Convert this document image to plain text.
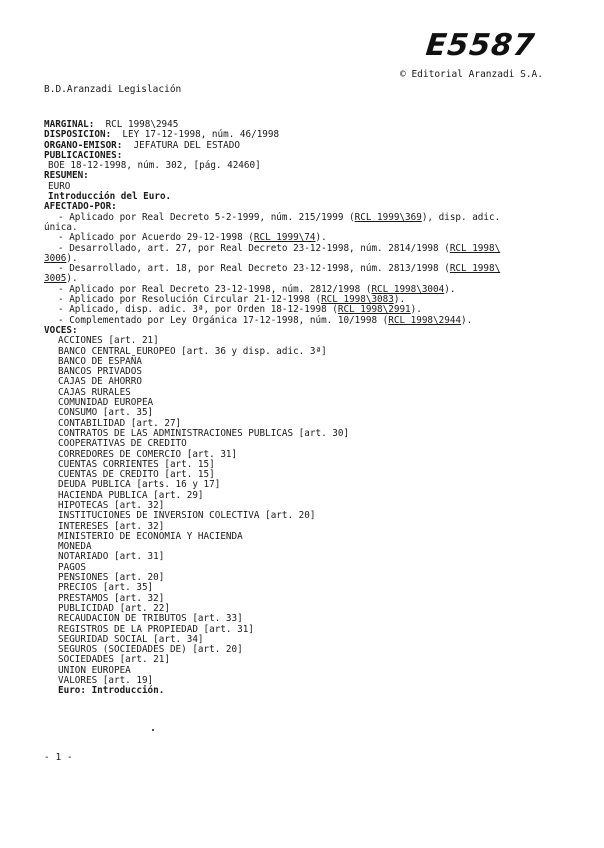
E5587
© Editorial Aranzadi S.A.
B.D.Aranzadi Legislación
MARGINAL: RCL 1998\2945
DISPOSICION: LEY 17-12-1998, núm. 46/1998
ORGANO-EMISOR: JEFATURA DEL ESTADO
PUBLICACIONES:
BOE 18-12-1998, núm. 302, [pág. 42460]
RESUMEN:
EURO
Introducción del Euro.
AFECTADO-POR:
- Aplicado por Real Decreto 5-2-1999, núm. 215/1999 (RCL 1999\369), disp. adic.
única.
- Aplicado por Acuerdo 29-12-1998 (RCL 1999\74).
- Desarrollado, art. 27, por Real Decreto 23-12-1998, núm. 2814/1998 (RCL 1998\
3006).
- Desarrollado, art. 18, por Real Decreto 23-12-1998, núm. 2813/1998 (RCL 1998\
3005).
- Aplicado por Real Decreto 23-12-1998, núm. 2812/1998 (RCL 1998\3004).
- Aplicado por Resolución Circular 21-12-1998 (RCL 1998\3083).
- Aplicado, disp. adic. 3ª, por Orden 18-12-1998 (RCL 1998\2991).
- Complementado por Ley Orgánica 17-12-1998, núm. 10/1998 (RCL 1998\2944).
VOCES:
ACCIONES [art. 21]
BANCO CENTRAL EUROPEO [art. 36 y disp. adic. 3ª]
BANCO DE ESPAÑA
BANCOS PRIVADOS
CAJAS DE AHORRO
CAJAS RURALES
COMUNIDAD EUROPEA
CONSUMO [art. 35]
CONTABILIDAD [art. 27]
CONTRATOS DE LAS ADMINISTRACIONES PUBLICAS [art. 30]
COOPERATIVAS DE CREDITO
CORREDORES DE COMERCIO [art. 31]
CUENTAS CORRIENTES [art. 15]
CUENTAS DE CREDITO [art. 15]
DEUDA PUBLICA [arts. 16 y 17]
HACIENDA PUBLICA [art. 29]
HIPOTECAS [art. 32]
INSTITUCIONES DE INVERSION COLECTIVA [art. 20]
INTERESES [art. 32]
MINISTERIO DE ECONOMIA Y HACIENDA
MONEDA
NOTARIADO [art. 31]
PAGOS
PENSIONES [art. 20]
PRECIOS [art. 35]
PRESTAMOS [art. 32]
PUBLICIDAD [art. 22]
RECAUDACION DE TRIBUTOS [art. 33]
REGISTROS DE LA PROPIEDAD [art. 31]
SEGURIDAD SOCIAL [art. 34]
SEGUROS (SOCIEDADES DE) [art. 20]
SOCIEDADES [art. 21]
UNION EUROPEA
VALORES [art. 19]
Euro: Introducción.
- 1 -
